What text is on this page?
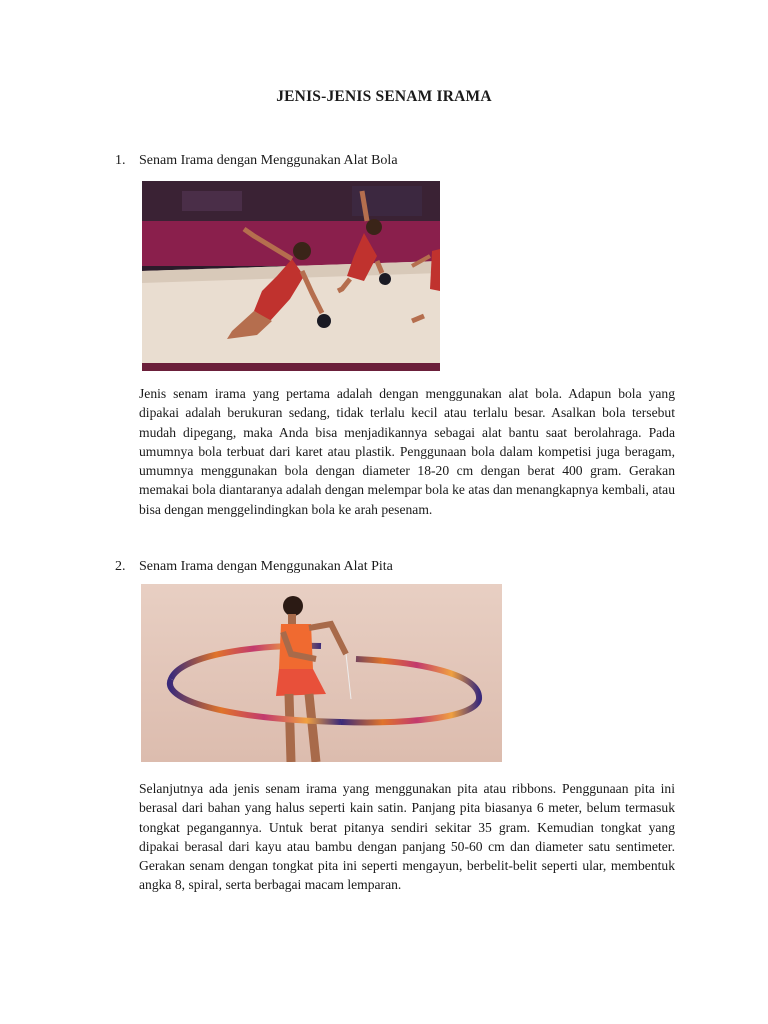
JENIS-JENIS SENAM IRAMA
1. Senam Irama dengan Menggunakan Alat Bola
Jenis senam irama yang pertama adalah dengan menggunakan alat bola. Adapun bola yang dipakai adalah berukuran sedang, tidak terlalu kecil atau terlalu besar. Asalkan bola tersebut mudah dipegang, maka Anda bisa menjadikannya sebagai alat bantu saat berolahraga. Pada umumnya bola terbuat dari karet atau plastik. Penggunaan bola dalam kompetisi juga beragam, umumnya menggunakan bola dengan diameter 18-20 cm dengan berat 400 gram. Gerakan memakai bola diantaranya adalah dengan melempar bola ke atas dan menangkapnya kembali, atau bisa dengan menggelindingkan bola ke arah pesenam.
2. Senam Irama dengan Menggunakan Alat Pita
Selanjutnya ada jenis senam irama yang menggunakan pita atau ribbons. Penggunaan pita ini berasal dari bahan yang halus seperti kain satin. Panjang pita biasanya 6 meter, belum termasuk tongkat pegangannya. Untuk berat pitanya sendiri sekitar 35 gram. Kemudian tongkat yang dipakai berasal dari kayu atau bambu dengan panjang 50-60 cm dan diameter satu sentimeter. Gerakan senam dengan tongkat pita ini seperti mengayun, berbelit-belit seperti ular, membentuk angka 8, spiral, serta berbagai macam lemparan.
